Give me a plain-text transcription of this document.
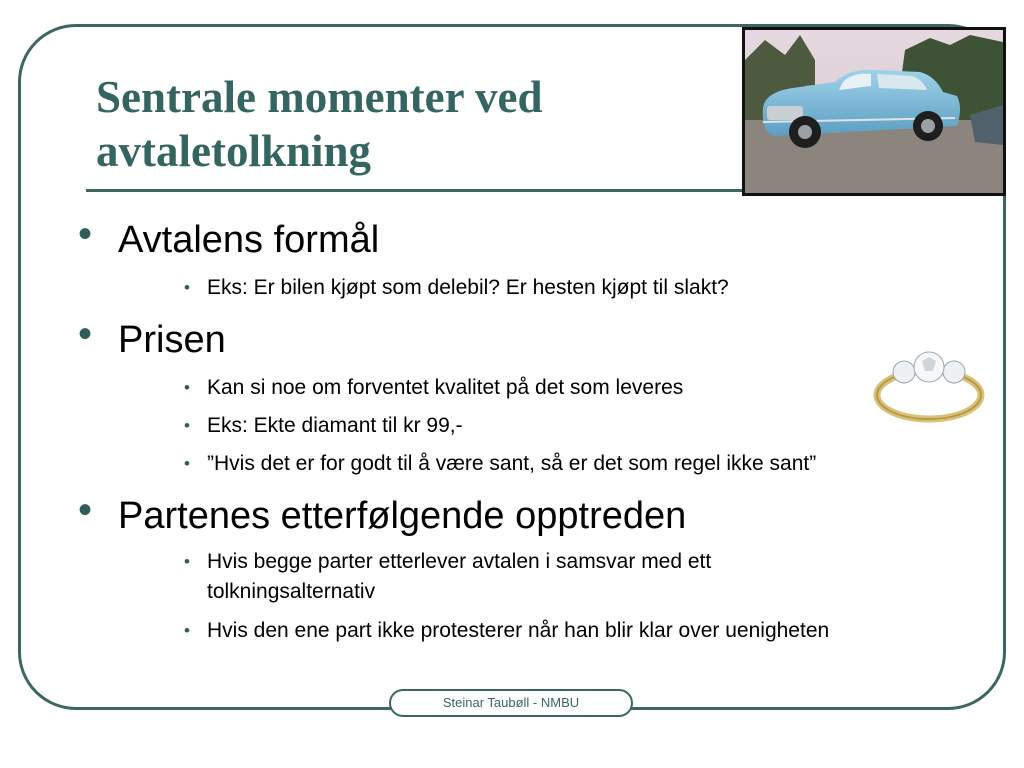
Sentrale momenter ved avtaletolkning
• Avtalens formål
• Eks: Er bilen kjøpt som delebil? Er hesten kjøpt til slakt?
• Prisen
• Kan si noe om forventet kvalitet på det som leveres
• Eks: Ekte diamant til kr 99,-
• ”Hvis det er for godt til å være sant, så er det som regel ikke sant”
• Partenes etterfølgende opptreden
• Hvis begge parter etterlever avtalen i samsvar med ett tolkningsalternativ
• Hvis den ene part ikke protesterer når han blir klar over uenigheten
Steinar Taubøll - NMBU
